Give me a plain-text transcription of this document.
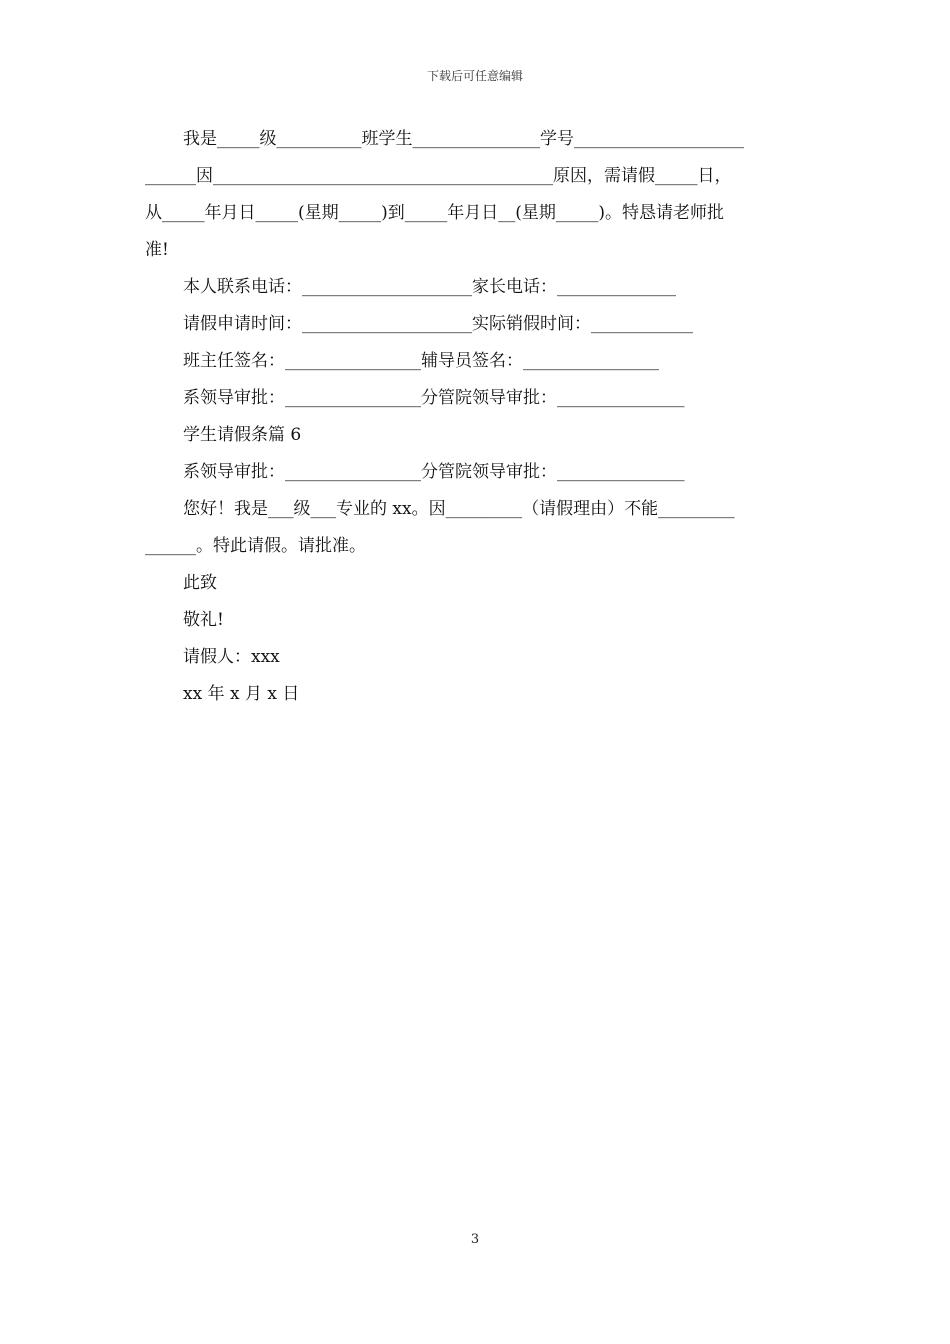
下载后可任意编辑

我是_____级__________班学生_______________学号____________________

______因________________________________________原因，需请假_____日，

从_____年月日_____(星期_____)到_____年月日__(星期_____)。特恳请老师批

准!

本人联系电话：____________________家长电话：______________

请假申请时间：____________________实际销假时间：____________

班主任签名：________________辅导员签名：________________

系领导审批：________________分管院领导审批：_______________

学生请假条篇 6

系领导审批：________________分管院领导审批：_______________

您好！我是___级___专业的 xx。因_________（请假理由）不能_________

______。特此请假。请批准。

此致

敬礼!

请假人：xxx

xx 年 x 月 x 日

3
